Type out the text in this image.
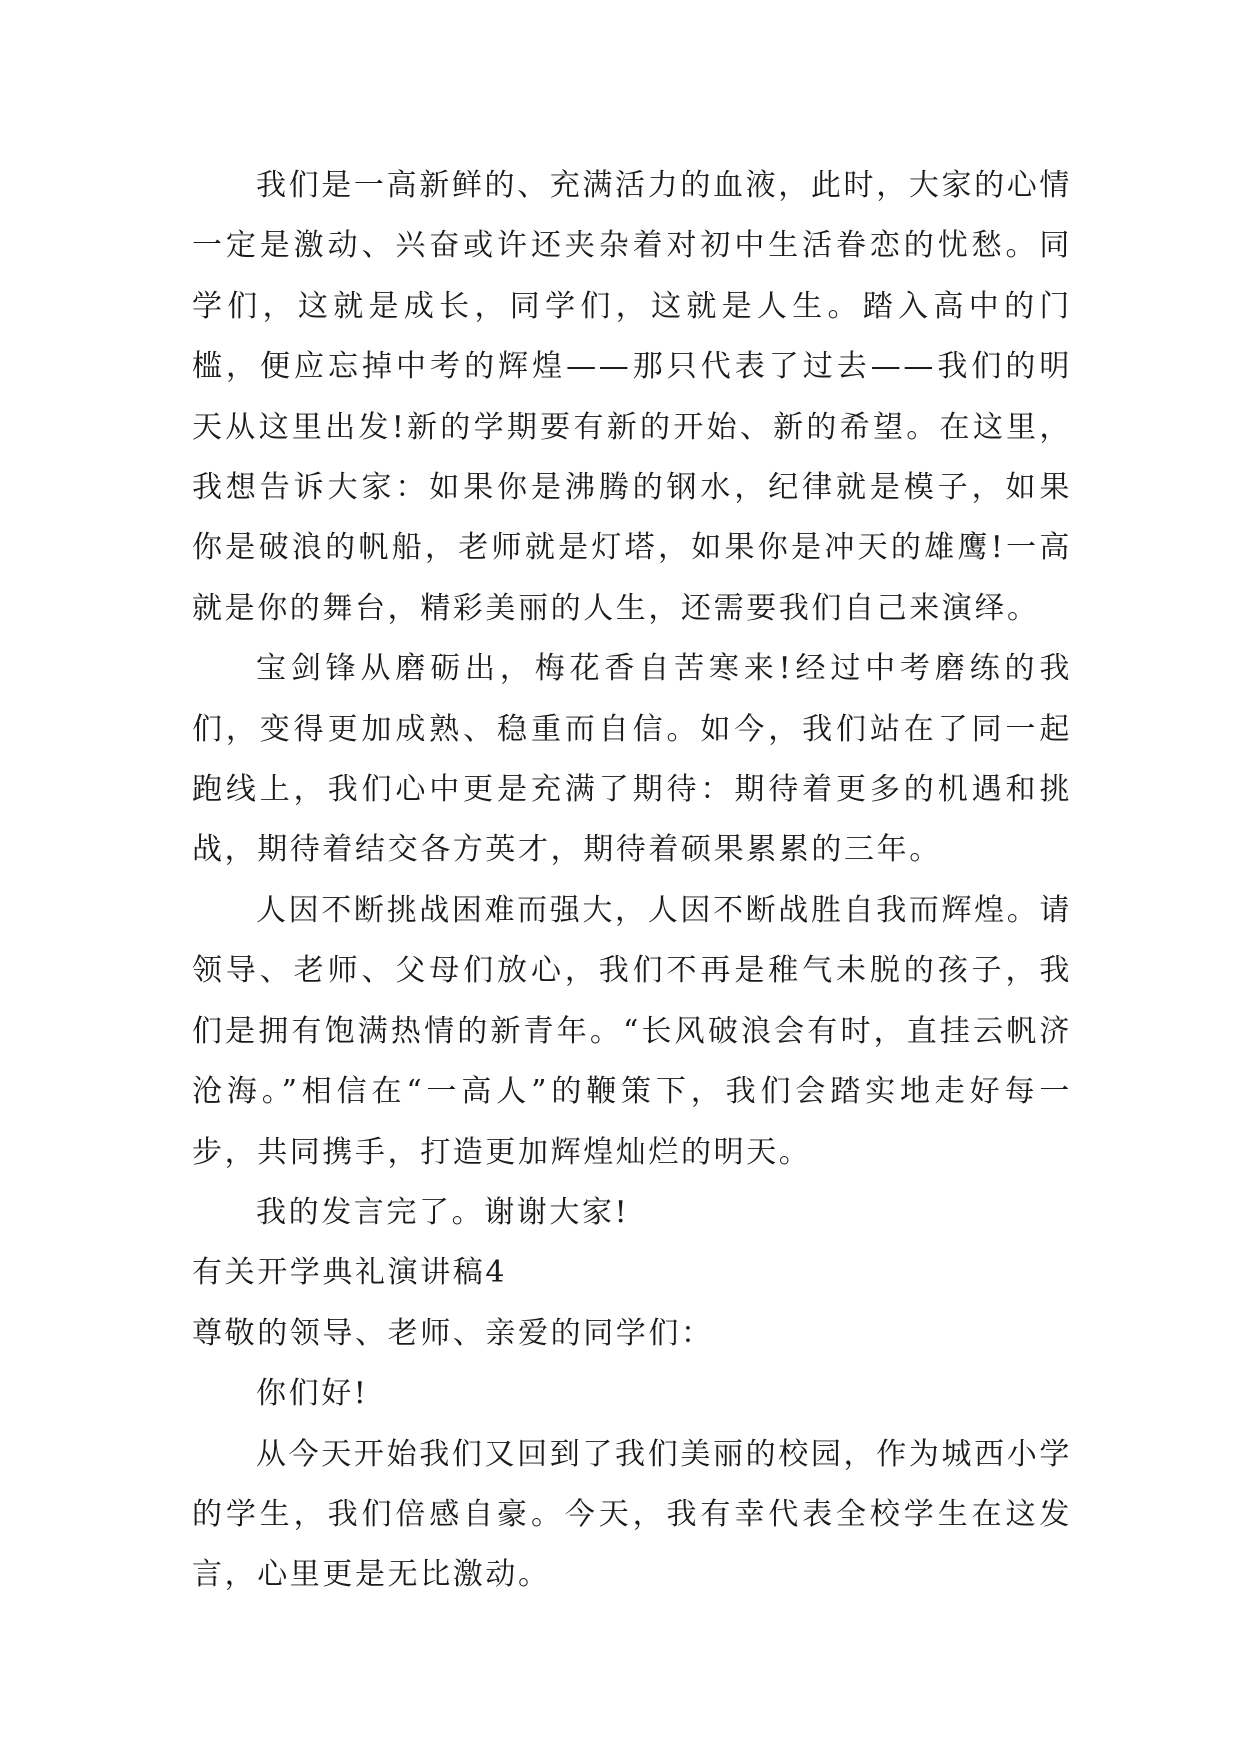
我们是一高新鲜的、充满活力的血液，此时，大家的心情一定是激动、兴奋或许还夹杂着对初中生活眷恋的忧愁。同学们，这就是成长，同学们，这就是人生。踏入高中的门槛，便应忘掉中考的辉煌——那只代表了过去——我们的明天从这里出发!新的学期要有新的开始、新的希望。在这里，我想告诉大家：如果你是沸腾的钢水，纪律就是模子，如果你是破浪的帆船，老师就是灯塔，如果你是冲天的雄鹰!一高就是你的舞台，精彩美丽的人生，还需要我们自己来演绎。

宝剑锋从磨砺出，梅花香自苦寒来!经过中考磨练的我们，变得更加成熟、稳重而自信。如今，我们站在了同一起跑线上，我们心中更是充满了期待：期待着更多的机遇和挑战，期待着结交各方英才，期待着硕果累累的三年。

人因不断挑战困难而强大，人因不断战胜自我而辉煌。请领导、老师、父母们放心，我们不再是稚气未脱的孩子，我们是拥有饱满热情的新青年。“长风破浪会有时，直挂云帆济沧海。”相信在“一高人”的鞭策下，我们会踏实地走好每一步，共同携手，打造更加辉煌灿烂的明天。

我的发言完了。谢谢大家!

有关开学典礼演讲稿4

尊敬的领导、老师、亲爱的同学们：

你们好!

从今天开始我们又回到了我们美丽的校园，作为城西小学的学生，我们倍感自豪。今天，我有幸代表全校学生在这发言，心里更是无比激动。
